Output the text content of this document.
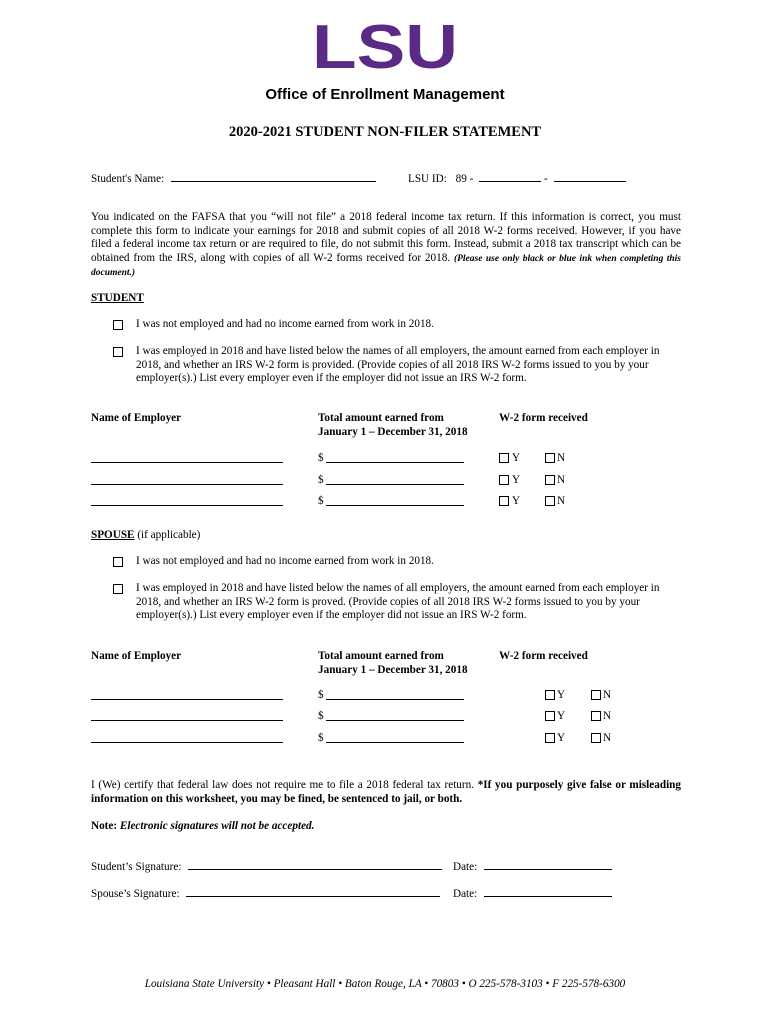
LSU
Office of Enrollment Management
2020-2021 STUDENT NON-FILER STATEMENT
Student's Name:	LSU ID: 89 -	-
You indicated on the FAFSA that you “will not file” a 2018 federal income tax return. If this information is correct, you must complete this form to indicate your earnings for 2018 and submit copies of all 2018 W-2 forms received. However, if you have filed a federal income tax return or are required to file, do not submit this form. Instead, submit a 2018 tax transcript which can be obtained from the IRS, along with copies of all W-2 forms received for 2018. (Please use only black or blue ink when completing this document.)
STUDENT
I was not employed and had no income earned from work in 2018.
I was employed in 2018 and have listed below the names of all employers, the amount earned from each employer in 2018, and whether an IRS W-2 form is provided. (Provide copies of all 2018 IRS W-2 forms issued to you by your employer(s).) List every employer even if the employer did not issue an IRS W-2 form.
Name of Employer	Total amount earned from
January 1 – December 31, 2018
W-2 form received
$	Y	N
$	Y	N
$	Y	N
SPOUSE (if applicable)
I was not employed and had no income earned from work in 2018.
I was employed in 2018 and have listed below the names of all employers, the amount earned from each employer in 2018, and whether an IRS W-2 form is proved. (Provide copies of all 2018 IRS W-2 forms issued to you by your employer(s).) List every employer even if the employer did not issue an IRS W-2 form.
Name of Employer	Total amount earned from
January 1 – December 31, 2018
W-2 form received
$	Y	N
$	Y	N
$	Y	N
I (We) certify that federal law does not require me to file a 2018 federal tax return. *If you purposely give false or misleading information on this worksheet, you may be fined, be sentenced to jail, or both.
Note: Electronic signatures will not be accepted.
Student’s Signature:	Date:
Spouse’s Signature:	Date:
Louisiana State University • Pleasant Hall • Baton Rouge, LA • 70803 • O 225-578-3103 • F 225-578-6300
